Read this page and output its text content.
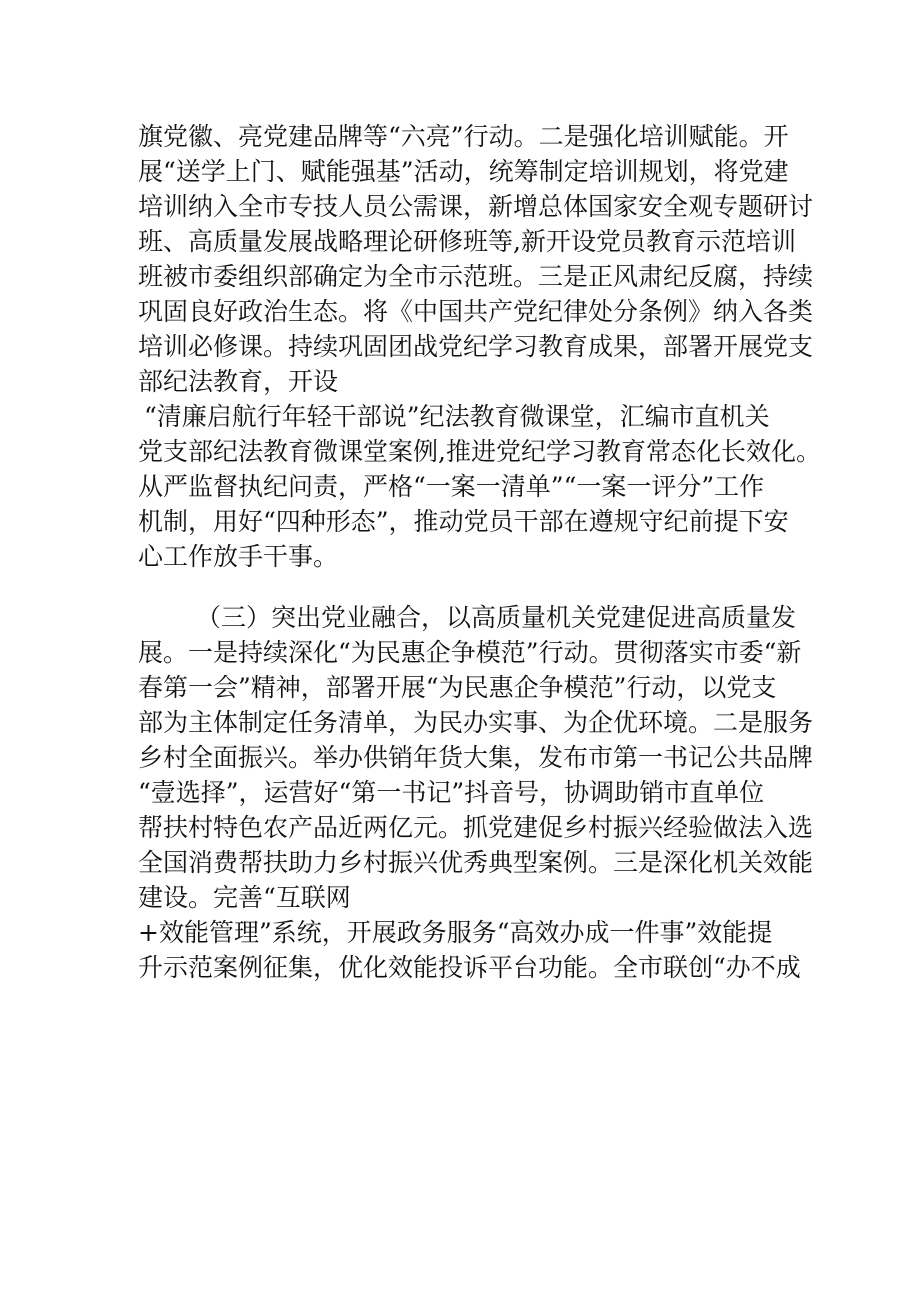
旗党徽、亮党建品牌等“六亮”行动。二是强化培训赋能。开
展“送学上门、赋能强基”活动，统筹制定培训规划，将党建
培训纳入全市专技人员公需课，新增总体国家安全观专题研讨
班、高质量发展战略理论研修班等,新开设党员教育示范培训
班被市委组织部确定为全市示范班。三是正风肃纪反腐，持续
巩固良好政治生态。将《中国共产党纪律处分条例》纳入各类
培训必修课。持续巩固团战党纪学习教育成果，部署开展党支
部纪法教育，开设
“清廉启航行年轻干部说”纪法教育微课堂，汇编市直机关
党支部纪法教育微课堂案例,推进党纪学习教育常态化长效化。
从严监督执纪问责，严格“一案一清单”“一案一评分”工作
机制，用好“四种形态”，推动党员干部在遵规守纪前提下安
心工作放手干事。
（三）突出党业融合，以高质量机关党建促进高质量发
展。一是持续深化“为民惠企争模范”行动。贯彻落实市委“新
春第一会”精神，部署开展“为民惠企争模范”行动，以党支
部为主体制定任务清单，为民办实事、为企优环境。二是服务
乡村全面振兴。举办供销年货大集，发布市第一书记公共品牌
“壹选择”，运营好“第一书记”抖音号，协调助销市直单位
帮扶村特色农产品近两亿元。抓党建促乡村振兴经验做法入选
全国消费帮扶助力乡村振兴优秀典型案例。三是深化机关效能
建设。完善“互联网
+效能管理”系统，开展政务服务“高效办成一件事”效能提
升示范案例征集，优化效能投诉平台功能。全市联创“办不成
